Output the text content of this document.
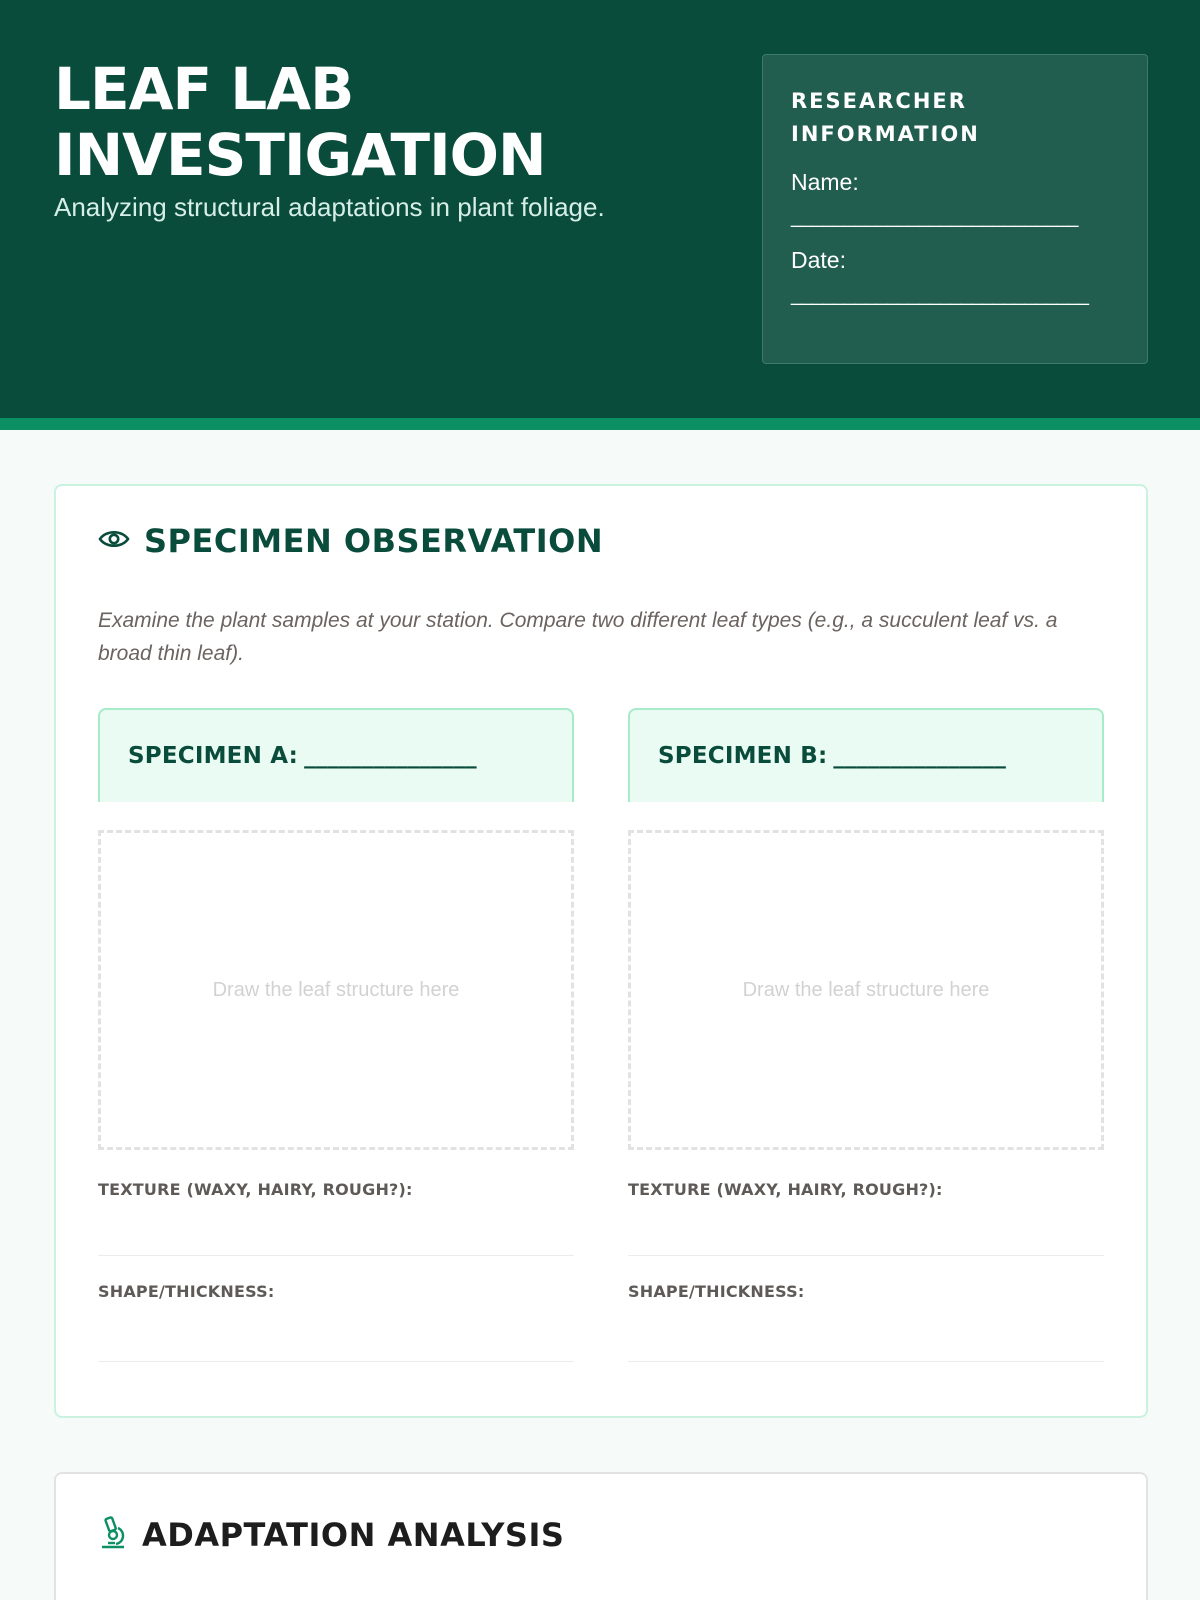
LEAF LAB
INVESTIGATION
Analyzing structural adaptations in plant foliage.
RESEARCHER INFORMATION
Name:
___________________________
Date:
____________________________
SPECIMEN OBSERVATION
Examine the plant samples at your station. Compare two different leaf types (e.g., a succulent leaf vs. a broad thin leaf).
SPECIMEN A: _______________
Draw the leaf structure here
TEXTURE (WAXY, HAIRY, ROUGH?):
SHAPE/THICKNESS:
SPECIMEN B: _______________
Draw the leaf structure here
TEXTURE (WAXY, HAIRY, ROUGH?):
SHAPE/THICKNESS:
ADAPTATION ANALYSIS
